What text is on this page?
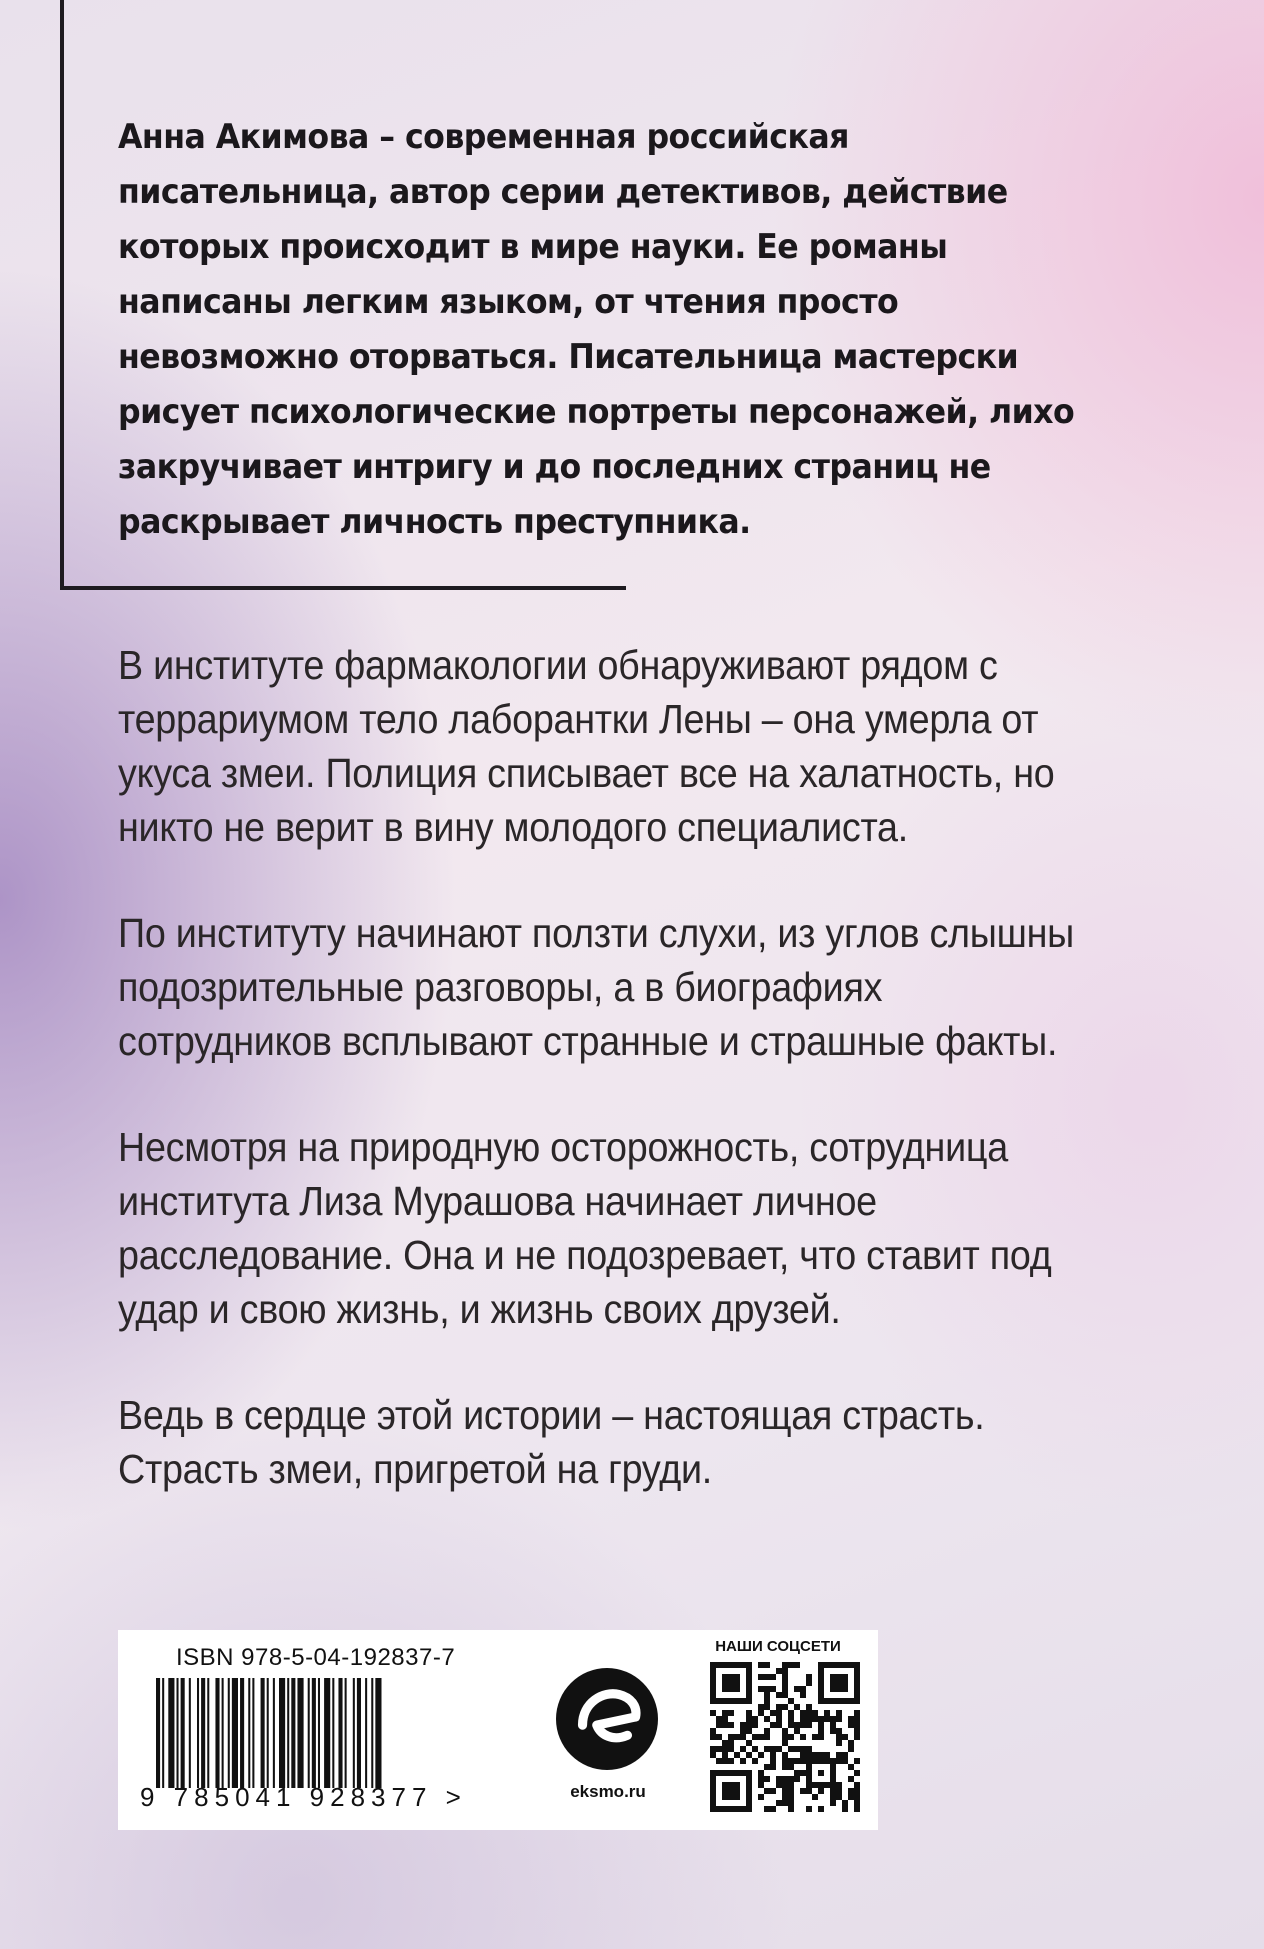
Анна Акимова – современная российская писательница, автор серии детективов, действие которых происходит в мире науки. Ее романы написаны легким языком, от чтения просто невозможно оторваться. Писательница мастерски рисует психологические портреты персонажей, лихо закручивает интригу и до последних страниц не раскрывает личность преступника.

В институте фармакологии обнаруживают рядом с террариумом тело лаборантки Лены – она умерла от укуса змеи. Полиция списывает все на халатность, но никто не верит в вину молодого специалиста.

По институту начинают ползти слухи, из углов слышны подозрительные разговоры, а в биографиях сотрудников всплывают странные и страшные факты.

Несмотря на природную осторожность, сотрудница института Лиза Мурашова начинает личное расследование. Она и не подозревает, что ставит под удар и свою жизнь, и жизнь своих друзей.

Ведь в сердце этой истории – настоящая страсть. Страсть змеи, пригретой на груди.

ISBN 978-5-04-192837-7
9 785041 928377 >	eksmo.ru
НАШИ СОЦСЕТИ
